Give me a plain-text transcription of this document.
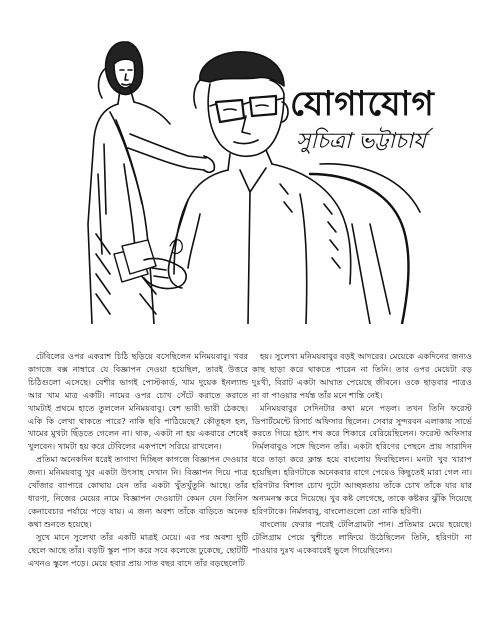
যোগাযোগ
সুচিত্রা ভট্টাচার্য

টেবিলের ওপর একরাশ চিঠি ছড়িয়ে বসেছিলেন মনিময়বাবু। খবর কাগজে বক্স নাম্বারে যে বিজ্ঞাপন দেওয়া হয়েছিল, তারই উত্তরে চিঠিগুলো এসেছে। বেশীর ভাগই পোস্টকার্ড, খাম দুয়েক ইনল্যান্ড আর খাম মাত্র একটি। নামের ওপর চোখ সেঁটে করাতে করাতে খামটাই প্রথমে হাতে তুললেন মনিময়বাবু। বেশ ভারী ভারী ঠেকছে। একি কি লেখা থাকতে পারে? নাকি ছবি পাঠিয়েছে? কৌতূহল হল, খামের মুখটা ছিঁড়তে গেলেন না। থাক, একটা না হয় একবারে শেষেই খুলবেন। খামটা হয় করে টেবিলের একপাশে সরিয়ে রাখলেন।

প্রতিমা অনেকদিন ধরেই তাগাদা দিচ্ছিল কাগজে বিজ্ঞাপন দেওয়ার জন্য। মনিময়বাবু খুব একটা উৎসাহ দেখান নি। বিজ্ঞাপন দিয়ে পাত্র খোঁজার ব্যাপারে কোথায় যেন তাঁর একটা খুঁতখুঁতুনি আছে। তাঁর ধারণা, নিজের মেয়ের নামে বিজ্ঞাপন দেওয়াটা কেমন যেন জিনিস কেনাবেচার পর্যায়ে পড়ে যায়। এ জন্য অবশ্য তাঁকে বাড়িতে অনেক কথা শুনতে হয়েছে।

সুখে মানে সুলেখা তাঁর একটি মাত্রই মেয়ে। এর পর অবশ্য দুটি ছেলে আছে তাঁর। বড়টি স্কুল পাস করে সবে কলেজে ঢুকেছে, ছোটটি এখনও স্কুলে পড়ে। মেয়ে হবার প্রায় সাত বছর বাদে তাঁর বড়ছেলেটি

হয়। সুলেখা মনিময়বাবুর বড়ই আদরের। মেয়েকে একদিনের জন্যও কাছ ছাড়া করে থাকতে পারেন না তিনি। তার ওপর মেয়েটা বড় দুঃখী, বিরাট একটা আঘাত পেয়েছে জীবনে। ওকে ছাড়বার পাত্রও না বা পাওয়ার পর্যন্ত তাঁর মনে শান্তি নেই।

মনিময়বাবুর সেদিনটার কথা মনে পড়ল। তখন তিনি ফরেস্ট ডিপার্টমেন্টে রিসার্চ অফিসার ছিলেন। সেবার সুন্দরবন এলাকায় সার্ভে করতে গিয়ে হঠাৎ শখ করে শিকারে বেরিয়েছিলেন। ফরেস্ট অফিসার নির্মলবাবুও সঙ্গে ছিলেন তাঁর। একটা হরিণের পেছনে প্রায় সারাদিন ধরে তাড়া করে ক্লান্ত হয়ে বাংলোয় ফিরছিলেন। মনটা খুব খারাপ হয়েছিল। হরিণটাকে অনেকবার বাগে পেয়েও কিছুতেই মারা গেল না। হরিণটার বিশাল চোখ দুটো আচ্ছন্নতায় তাঁকে চোখ তাঁকে যার যার অন্যমনস্ক করে দিয়েছে। খুব কষ্ট লেগেছে, তাকে কষ্টকর ঝুঁকি দিয়েছে হরিণটাকে। নির্মলবাবু, বাংলোগুলো তো নাকি হরিণী।

বাংলোয় ফেরার পরেই টেলিগ্রামটা পান। প্রতিমার মেয়ে হয়েছে। টেলিগ্রাম পেয়ে খুশীতে লাফিয়ে উঠেছিলেন তিনি, হরিণটা না পাওয়ার দুঃখ একেবারেই ভুলে গিয়েছিলেন।
